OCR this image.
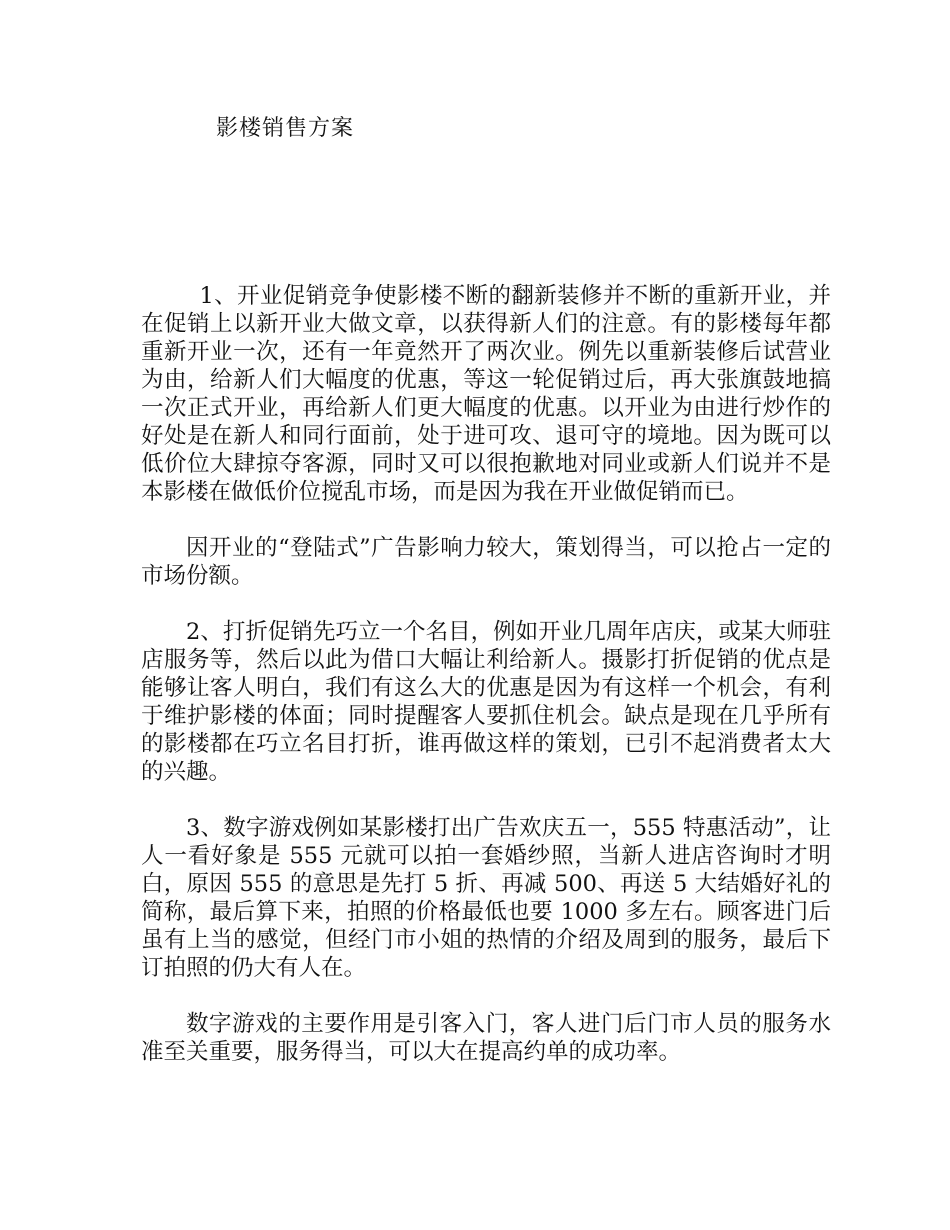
影楼销售方案

1、开业促销竞争使影楼不断的翻新装修并不断的重新开业，并在促销上以新开业大做文章，以获得新人们的注意。有的影楼每年都重新开业一次，还有一年竟然开了两次业。例先以重新装修后试营业为由，给新人们大幅度的优惠，等这一轮促销过后，再大张旗鼓地搞一次正式开业，再给新人们更大幅度的优惠。以开业为由进行炒作的好处是在新人和同行面前，处于进可攻、退可守的境地。因为既可以低价位大肆掠夺客源，同时又可以很抱歉地对同业或新人们说并不是本影楼在做低价位搅乱市场，而是因为我在开业做促销而已。

因开业的“登陆式”广告影响力较大，策划得当，可以抢占一定的市场份额。

2、打折促销先巧立一个名目，例如开业几周年店庆，或某大师驻店服务等，然后以此为借口大幅让利给新人。摄影打折促销的优点是能够让客人明白，我们有这么大的优惠是因为有这样一个机会，有利于维护影楼的体面；同时提醒客人要抓住机会。缺点是现在几乎所有的影楼都在巧立名目打折，谁再做这样的策划，已引不起消费者太大的兴趣。

3、数字游戏例如某影楼打出广告欢庆五一，555 特惠活动”，让人一看好象是 555 元就可以拍一套婚纱照，当新人进店咨询时才明白，原因 555 的意思是先打 5 折、再减 500、再送 5 大结婚好礼的简称，最后算下来，拍照的价格最低也要 1000 多左右。顾客进门后虽有上当的感觉，但经门市小姐的热情的介绍及周到的服务，最后下订拍照的仍大有人在。

数字游戏的主要作用是引客入门，客人进门后门市人员的服务水准至关重要，服务得当，可以大在提高约单的成功率。
